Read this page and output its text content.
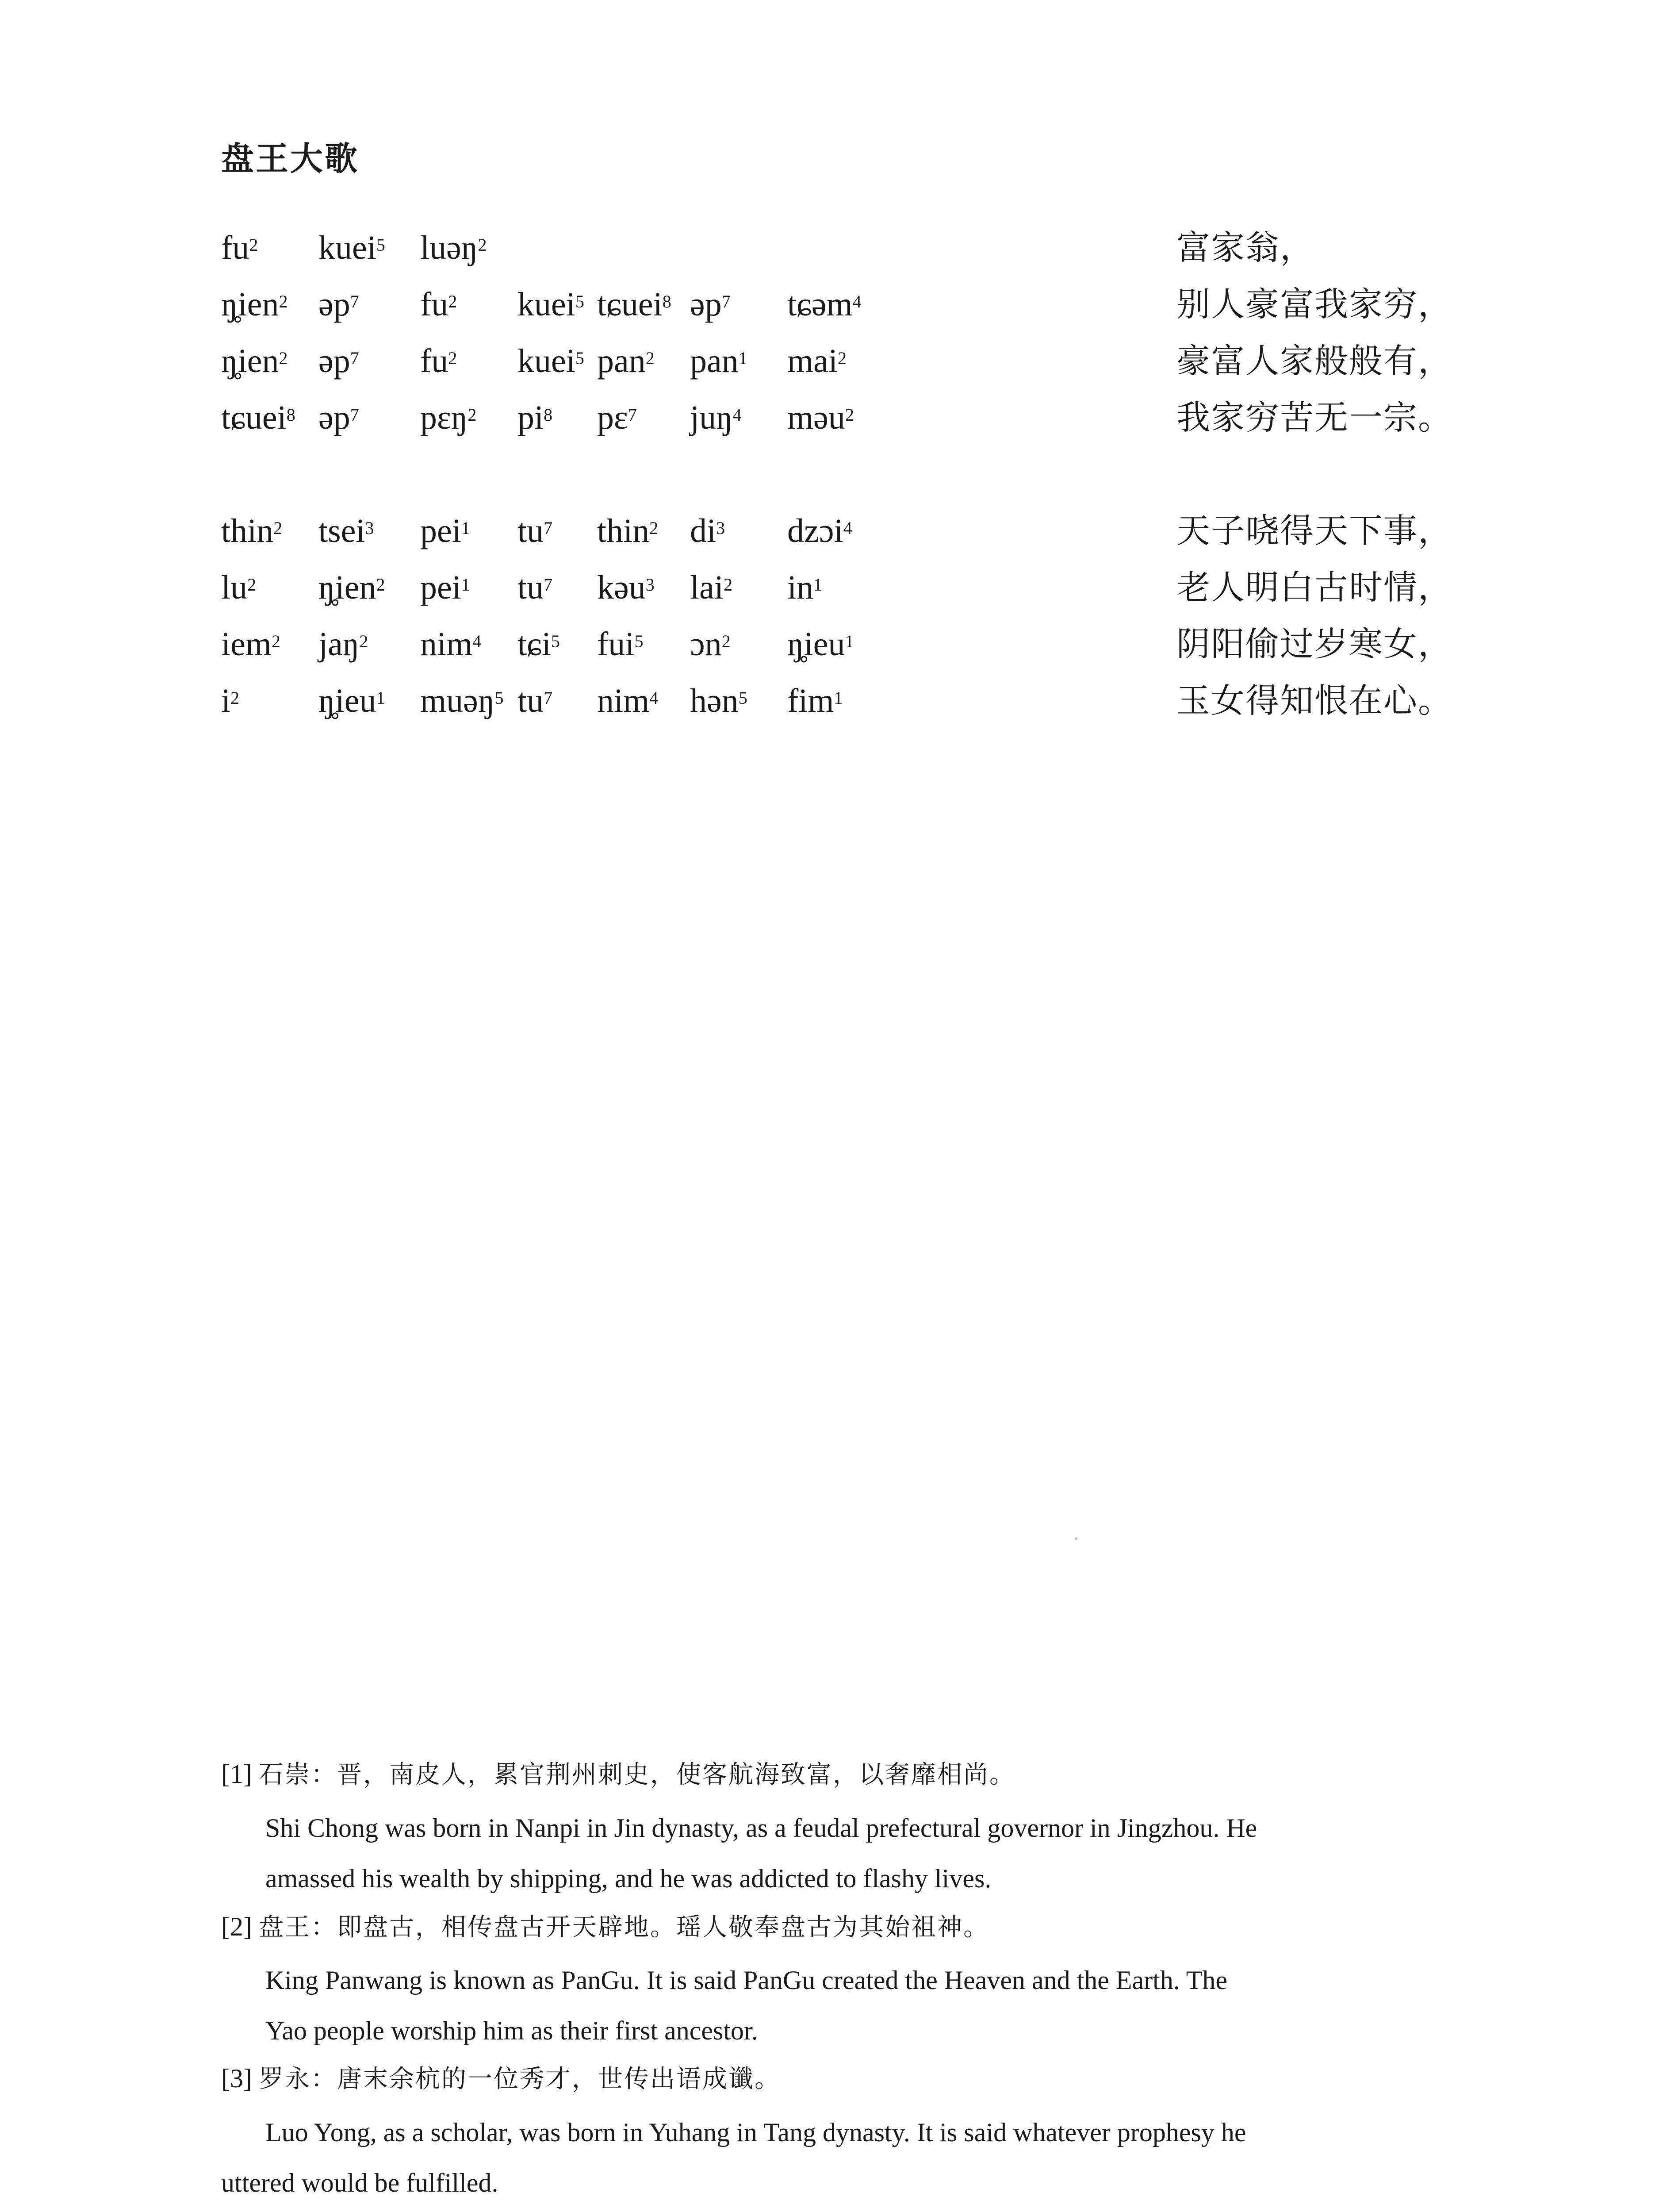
盘王大歌
$fu^2$ kuei$^5$ luəŋ$^2$	富家翁，
ŋ̥ien$^2$ əp$^7$ $fu^2$ kuei$^5$ tɕuei$^8$ əp$^7$ tɕəm$^4$	别人豪富我家穷，
ŋ̥ien$^2$ əp$^7$ $fu^2$ kuei$^5$ pan$^2$ pan$^1$ mai$^2$	豪富人家般般有，
tɕuei$^8$ əp$^7$ pɛŋ$^2$ $pi^8$ pɛ$^7$ juŋ$^4$ məu$^2$	我家穷苦无一宗。
thin$^2$ tsei$^3$ pei$^1$ $tu^7$ thin$^2$ $di^3$ dzɔi$^4$	天子哓得天下事，
$lu^2$ ŋ̥ien$^2$ pei$^1$ $tu^7$ kəu$^3$ lai$^2$ $in^1$	老人明白古时情，
iem$^2$ jaŋ$^2$ nim$^4$ tɕi$^5$ fui$^5$ ɔn$^2$ ŋ̥ieu$^1$	阴阳偷过岁寒女，
$i^2$ ŋ̥ieu$^1$ muəŋ$^5$ $tu^7$ nim$^4$ hən$^5$ fim$^1$	玉女得知恨在心。
[1] 石崇：晋，南皮人，累官荆州刺史，使客航海致富，以奢靡相尚。
Shi Chong was born in Nanpi in Jin dynasty, as a feudal prefectural governor in Jingzhou. He
amassed his wealth by shipping, and he was addicted to flashy lives.
[2] 盘王：即盘古，相传盘古开天辟地。瑶人敬奉盘古为其始祖神。
King Panwang is known as PanGu. It is said PanGu created the Heaven and the Earth. The
Yao people worship him as their first ancestor.
[3] 罗永：唐末余杭的一位秀才，世传出语成谶。
Luo Yong, as a scholar, was born in Yuhang in Tang dynasty. It is said whatever prophesy he
uttered would be fulfilled.
